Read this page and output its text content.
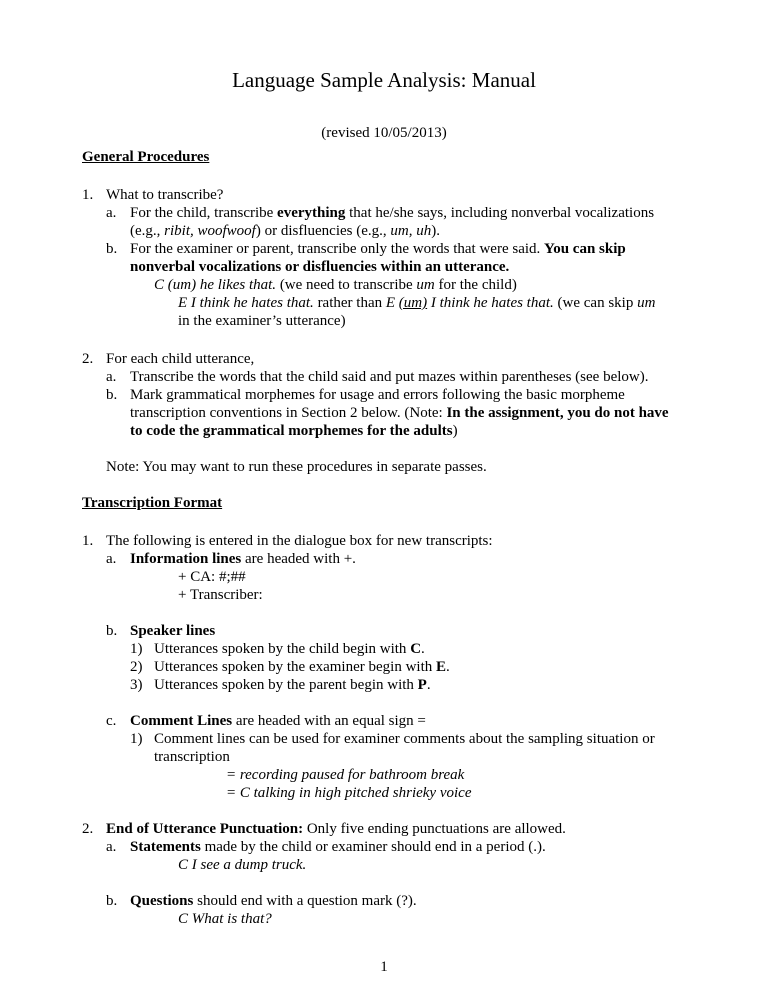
Language Sample Analysis: Manual
(revised 10/05/2013)
General Procedures
1. What to transcribe?
a. For the child, transcribe everything that he/she says, including nonverbal vocalizations
(e.g., ribit, woofwoof) or disfluencies (e.g., um, uh).
b. For the examiner or parent, transcribe only the words that were said. You can skip
nonverbal vocalizations or disfluencies within an utterance.
C (um) he likes that. (we need to transcribe um for the child)
E I think he hates that. rather than E (um) I think he hates that. (we can skip um
in the examiner’s utterance)
2. For each child utterance,
a. Transcribe the words that the child said and put mazes within parentheses (see below).
b. Mark grammatical morphemes for usage and errors following the basic morpheme
transcription conventions in Section 2 below. (Note: In the assignment, you do not have
to code the grammatical morphemes for the adults)
Note: You may want to run these procedures in separate passes.
Transcription Format
1. The following is entered in the dialogue box for new transcripts:
a. Information lines are headed with +.
+ CA: #;##
+ Transcriber:
b. Speaker lines
1) Utterances spoken by the child begin with C.
2) Utterances spoken by the examiner begin with E.
3) Utterances spoken by the parent begin with P.
c. Comment Lines are headed with an equal sign =
1) Comment lines can be used for examiner comments about the sampling situation or
transcription
= recording paused for bathroom break
= C talking in high pitched shrieky voice
2. End of Utterance Punctuation: Only five ending punctuations are allowed.
a. Statements made by the child or examiner should end in a period (.).
C I see a dump truck.
b. Questions should end with a question mark (?).
C What is that?
1
